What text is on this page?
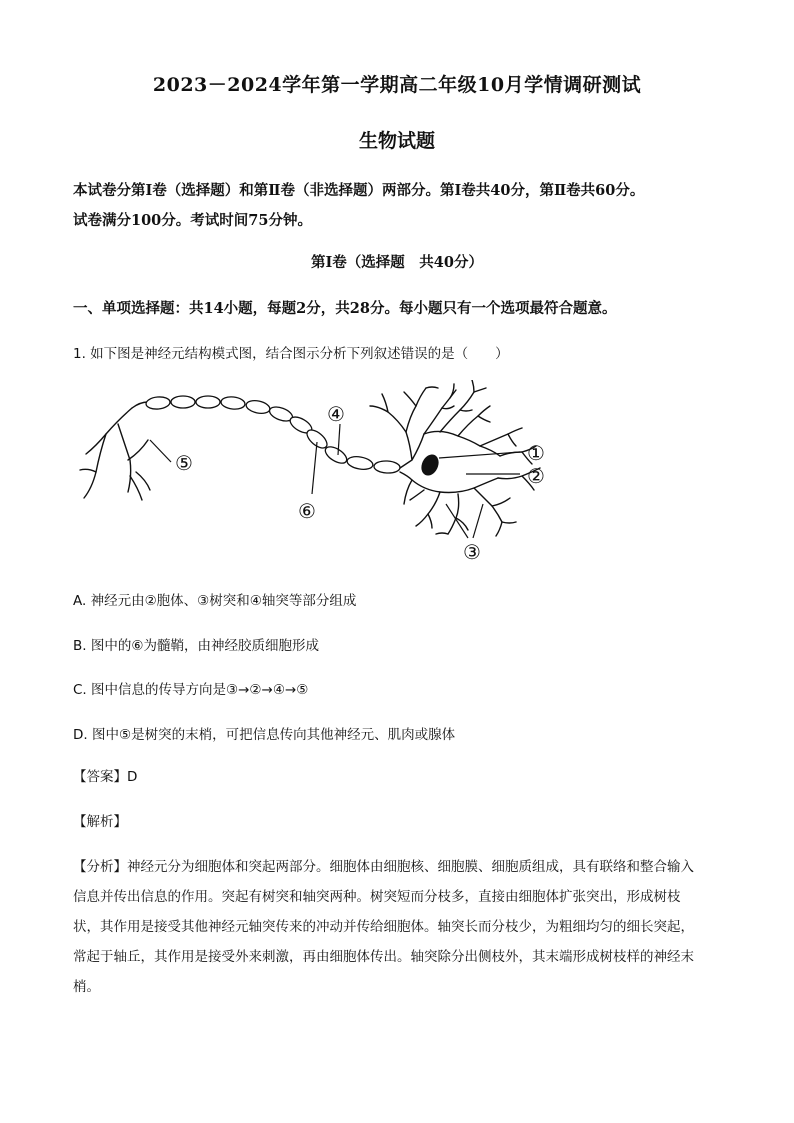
2023－2024学年第一学期高二年级10月学情调研测试
生物试题
本试卷分第Ⅰ卷（选择题）和第Ⅱ卷（非选择题）两部分。第Ⅰ卷共40分，第Ⅱ卷共60分。
试卷满分100分。考试时间75分钟。
第Ⅰ卷（选择题　共40分）
一、单项选择题：共14小题，每题2分，共28分。每小题只有一个选项最符合题意。
1. 如下图是神经元结构模式图，结合图示分析下列叙述错误的是（　　）
①
②
③
④
⑤
⑥
A. 神经元由②胞体、③树突和④轴突等部分组成
B. 图中的⑥为髓鞘，由神经胶质细胞形成
C. 图中信息的传导方向是③→②→④→⑤
D. 图中⑤是树突的末梢，可把信息传向其他神经元、肌肉或腺体
【答案】D
【解析】
【分析】神经元分为细胞体和突起两部分。细胞体由细胞核、细胞膜、细胞质组成，具有联络和整合输入
信息并传出信息的作用。突起有树突和轴突两种。树突短而分枝多，直接由细胞体扩张突出，形成树枝
状，其作用是接受其他神经元轴突传来的冲动并传给细胞体。轴突长而分枝少，为粗细均匀的细长突起，
常起于轴丘，其作用是接受外来刺激，再由细胞体传出。轴突除分出侧枝外，其末端形成树枝样的神经末
梢。
